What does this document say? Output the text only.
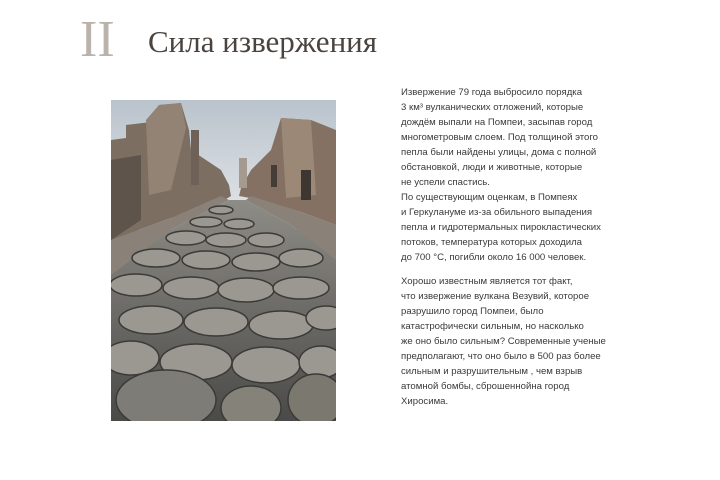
II Сила извержения

Извержение 79 года выбросило порядка
3 км³ вулканических отложений, которые
дождём выпали на Помпеи, засыпав город
многометровым слоем. Под толщиной этого
пепла были найдены улицы, дома с полной
обстановкой, люди и животные, которые
не успели спастись.
По существующим оценкам, в Помпеях
и Геркулануме из-за обильного выпадения
пепла и гидротермальных пирокластических
потоков, температура которых доходила
до 700 °С, погибли около 16 000 человек.

Хорошо известным является тот факт,
что извержение вулкана Везувий, которое
разрушило город Помпеи, было
катастрофически сильным, но насколько
же оно было сильным? Современные ученые
предполагают, что оно было в 500 раз более
сильным и разрушительным , чем взрыв
атомной бомбы, сброшеннойна город
Хиросима.
